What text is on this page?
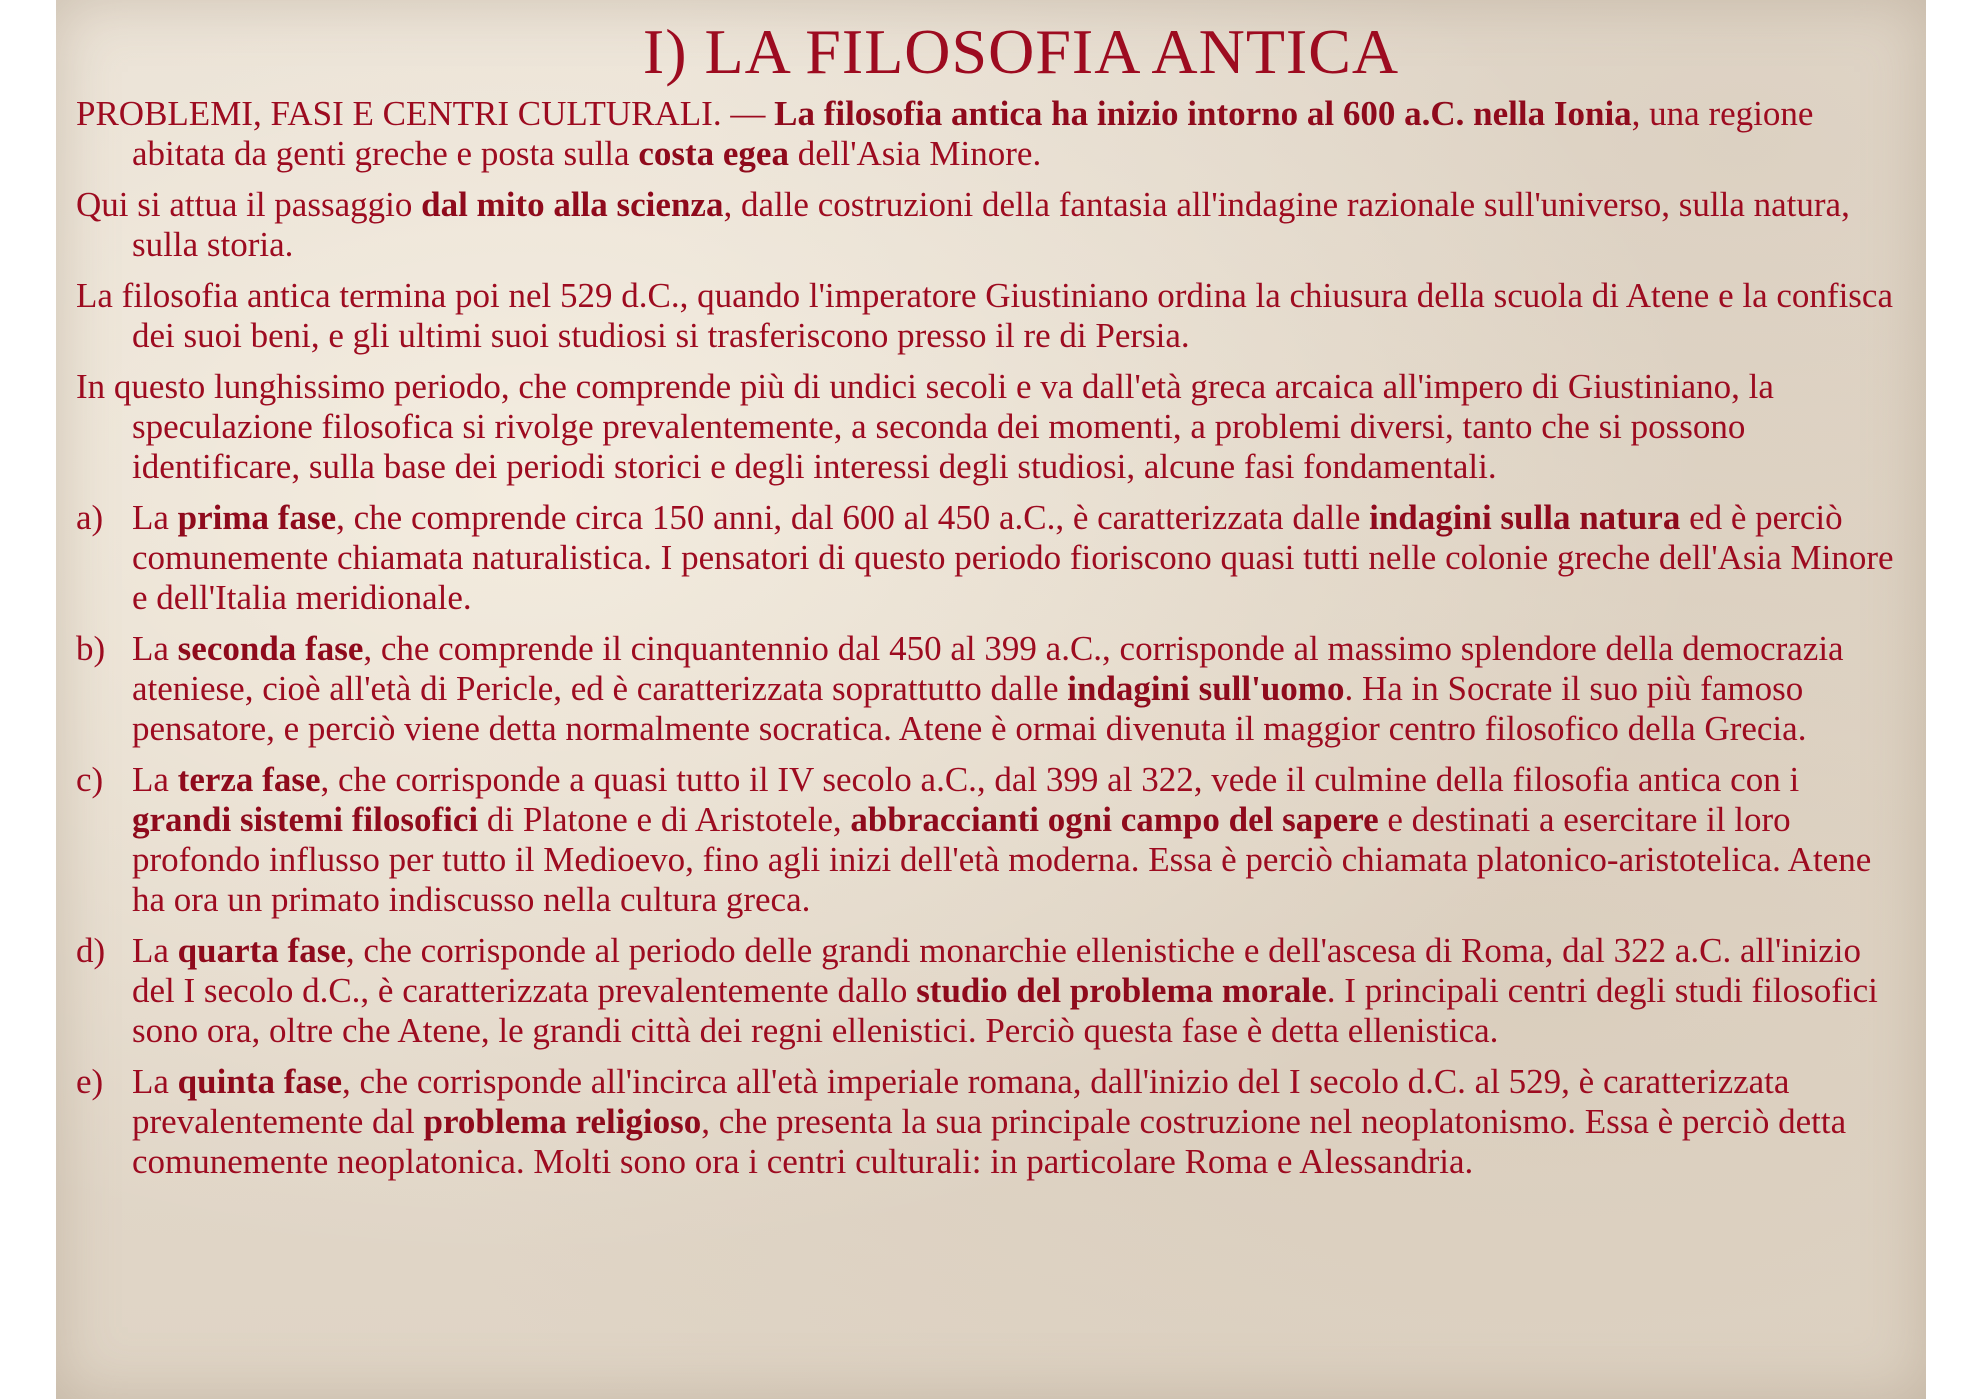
I) LA FILOSOFIA ANTICA
PROBLEMI, FASI E CENTRI CULTURALI. — La filosofia antica ha inizio intorno al 600 a.C. nella Ionia, una regione abitata da genti greche e posta sulla costa egea dell'Asia Minore.
Qui si attua il passaggio dal mito alla scienza, dalle costruzioni della fantasia all'indagine razionale sull'universo, sulla natura, sulla storia.
La filosofia antica termina poi nel 529 d.C., quando l'imperatore Giustiniano ordina la chiusura della scuola di Atene e la confisca dei suoi beni, e gli ultimi suoi studiosi si trasferiscono presso il re di Persia.
In questo lunghissimo periodo, che comprende più di undici secoli e va dall'età greca arcaica all'impero di Giustiniano, la speculazione filosofica si rivolge prevalentemente, a seconda dei momenti, a problemi diversi, tanto che si possono identificare, sulla base dei periodi storici e degli interessi degli studiosi, alcune fasi fondamentali.
a) La prima fase, che comprende circa 150 anni, dal 600 al 450 a.C., è caratterizzata dalle indagini sulla natura ed è perciò comunemente chiamata naturalistica. I pensatori di questo periodo fioriscono quasi tutti nelle colonie greche dell'Asia Minore e dell'Italia meridionale.
b) La seconda fase, che comprende il cinquantennio dal 450 al 399 a.C., corrisponde al massimo splendore della democrazia ateniese, cioè all'età di Pericle, ed è caratterizzata soprattutto dalle indagini sull'uomo. Ha in Socrate il suo più famoso pensatore, e perciò viene detta normalmente socratica. Atene è ormai divenuta il maggior centro filosofico della Grecia.
c) La terza fase, che corrisponde a quasi tutto il IV secolo a.C., dal 399 al 322, vede il culmine della filosofia antica con i grandi sistemi filosofici di Platone e di Aristotele, abbraccianti ogni campo del sapere e destinati a esercitare il loro profondo influsso per tutto il Medioevo, fino agli inizi dell'età moderna. Essa è perciò chiamata platonico-aristotelica. Atene ha ora un primato indiscusso nella cultura greca.
d) La quarta fase, che corrisponde al periodo delle grandi monarchie ellenistiche e dell'ascesa di Roma, dal 322 a.C. all'inizio del I secolo d.C., è caratterizzata prevalentemente dallo studio del problema morale. I principali centri degli studi filosofici sono ora, oltre che Atene, le grandi città dei regni ellenistici. Perciò questa fase è detta ellenistica.
e) La quinta fase, che corrisponde all'incirca all'età imperiale romana, dall'inizio del I secolo d.C. al 529, è caratterizzata prevalentemente dal problema religioso, che presenta la sua principale costruzione nel neoplatonismo. Essa è perciò detta comunemente neoplatonica. Molti sono ora i centri culturali: in particolare Roma e Alessandria.
